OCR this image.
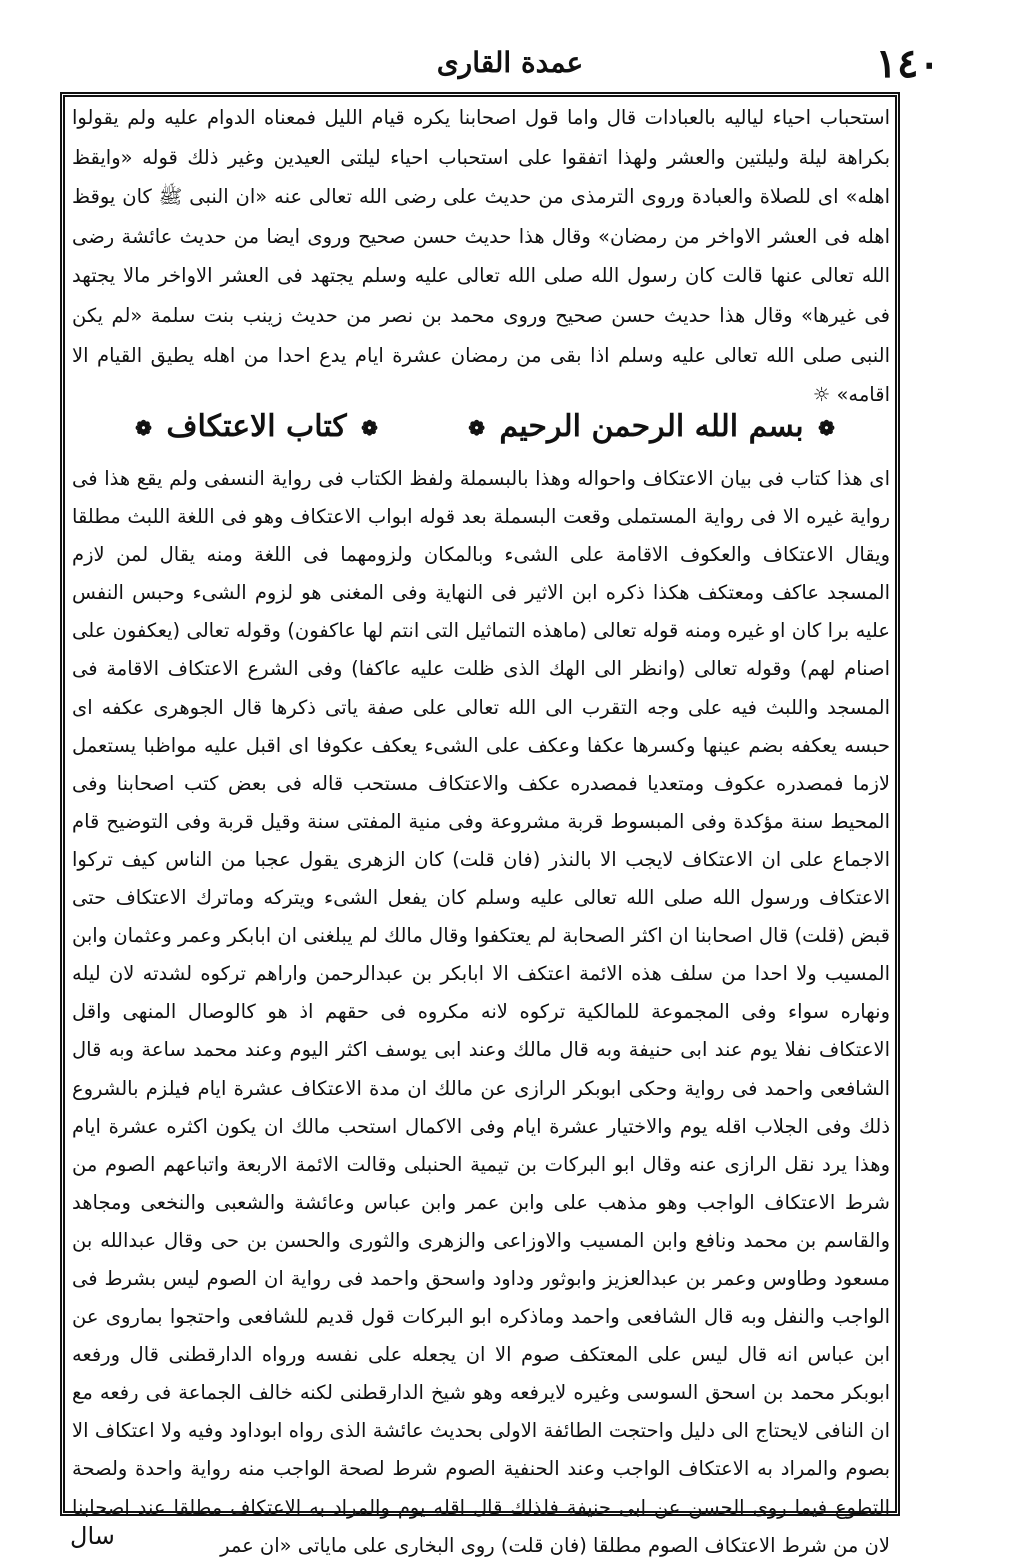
عمدة القاری	١٤٠

استحباب احیاء لیالیه بالعبادات قال واما قول اصحابنا یکره قیام اللیل فمعناه الدوام علیه ولم یقولوا بکراهة لیلة ولیلتین والعشر ولهذا اتفقوا علی استحباب احیاء لیلتی العیدین وغیر ذلك قوله «وایقظ اهله» ای للصلاة والعبادة وروی الترمذی من حدیث علی رضی الله تعالی عنه «ان النبی ﷺ کان یوقظ اهله فی العشر الاواخر من رمضان» وقال هذا حدیث حسن صحیح وروی ایضا من حدیث عائشة رضی الله تعالی عنها قالت کان رسول الله صلی الله تعالی علیه وسلم یجتهد فی العشر الاواخر مالا یجتهد فی غیرها» وقال هذا حدیث حسن صحیح وروی محمد بن نصر من حدیث زینب بنت سلمة «لم یکن النبی صلی الله تعالی علیه وسلم اذا بقی من رمضان عشرة ایام یدع احدا من اهله یطیق القیام الا اقامه» ☼

❁ بسم الله الرحمن الرحيم ❁
❁ کتاب الاعتکاف ❁

ای هذا کتاب فی بیان الاعتکاف واحواله وهذا بالبسملة ولفظ الکتاب فی روایة النسفی ولم یقع هذا فی روایة غیره الا فی روایة المستملی وقعت البسملة بعد قوله ابواب الاعتکاف وهو فی اللغة اللبث مطلقا ویقال الاعتکاف والعکوف الاقامة علی الشیء وبالمکان ولزومهما فی اللغة ومنه یقال لمن لازم المسجد عاکف ومعتکف هکذا ذکره ابن الاثیر فی النهایة وفی المغنی هو لزوم الشیء وحبس النفس علیه برا کان او غیره ومنه قوله تعالی (ماهذه التماثیل التی انتم لها عاکفون) وقوله تعالی (یعکفون علی اصنام لهم) وقوله تعالی (وانظر الی الهك الذی ظلت علیه عاکفا) وفی الشرع الاعتکاف الاقامة فی المسجد واللبث فیه علی وجه التقرب الی الله تعالی علی صفة یاتی ذکرها قال الجوهری عکفه ای حبسه یعکفه بضم عینها وکسرها عکفا وعکف علی الشیء یعکف عکوفا ای اقبل علیه مواظبا یستعمل لازما فمصدره عکوف ومتعدیا فمصدره عکف والاعتکاف مستحب قاله فی بعض کتب اصحابنا وفی المحیط سنة مؤکدة وفی المبسوط قربة مشروعة وفی منیة المفتی سنة وقیل قربة وفی التوضیح قام الاجماع علی ان الاعتکاف لایجب الا بالنذر (فان قلت) کان الزهری یقول عجبا من الناس کیف ترکوا الاعتکاف ورسول الله صلی الله تعالی علیه وسلم کان یفعل الشیء ویترکه وماترك الاعتکاف حتی قبض (قلت) قال اصحابنا ان اکثر الصحابة لم یعتکفوا وقال مالك لم یبلغنی ان ابابکر وعمر وعثمان وابن المسیب ولا احدا من سلف هذه الائمة اعتکف الا ابابکر بن عبدالرحمن واراهم ترکوه لشدته لان لیله ونهاره سواء وفی المجموعة للمالکیة ترکوه لانه مکروه فی حقهم اذ هو کالوصال المنهی واقل الاعتکاف نفلا یوم عند ابی حنیفة وبه قال مالك وعند ابی یوسف اکثر الیوم وعند محمد ساعة وبه قال الشافعی واحمد فی روایة وحکی ابوبکر الرازی عن مالك ان مدة الاعتکاف عشرة ایام فیلزم بالشروع ذلك وفی الجلاب اقله یوم والاختیار عشرة ایام وفی الاکمال استحب مالك ان یکون اکثره عشرة ایام وهذا یرد نقل الرازی عنه وقال ابو البرکات بن تیمیة الحنبلی وقالت الائمة الاربعة واتباعهم الصوم من شرط الاعتکاف الواجب وهو مذهب علی وابن عمر وابن عباس وعائشة والشعبی والنخعی ومجاهد والقاسم بن محمد ونافع وابن المسیب والاوزاعی والزهری والثوری والحسن بن حی وقال عبدالله بن مسعود وطاوس وعمر بن عبدالعزیز وابوثور وداود واسحق واحمد فی روایة ان الصوم لیس بشرط فی الواجب والنفل وبه قال الشافعی واحمد وماذکره ابو البرکات قول قدیم للشافعی واحتجوا بماروی عن ابن عباس انه قال لیس علی المعتکف صوم الا ان یجعله علی نفسه ورواه الدارقطنی قال ورفعه ابوبکر محمد بن اسحق السوسی وغیره لایرفعه وهو شیخ الدارقطنی لکنه خالف الجماعة فی رفعه مع ان النافی لایحتاج الی دلیل واحتجت الطائفة الاولی بحدیث عائشة الذی رواه ابوداود وفیه ولا اعتکاف الا بصوم والمراد به الاعتکاف الواجب وعند الحنفیة الصوم شرط لصحة الواجب منه روایة واحدة ولصحة التطوع فیما روی الحسن عن ابی حنیفة فلذلك قال اقله یوم والمراد به الاعتکاف مطلقا عند اصحابنا لان من شرط الاعتکاف الصوم مطلقا (فان قلت) روی البخاری علی مایاتی «ان عمر

سال
